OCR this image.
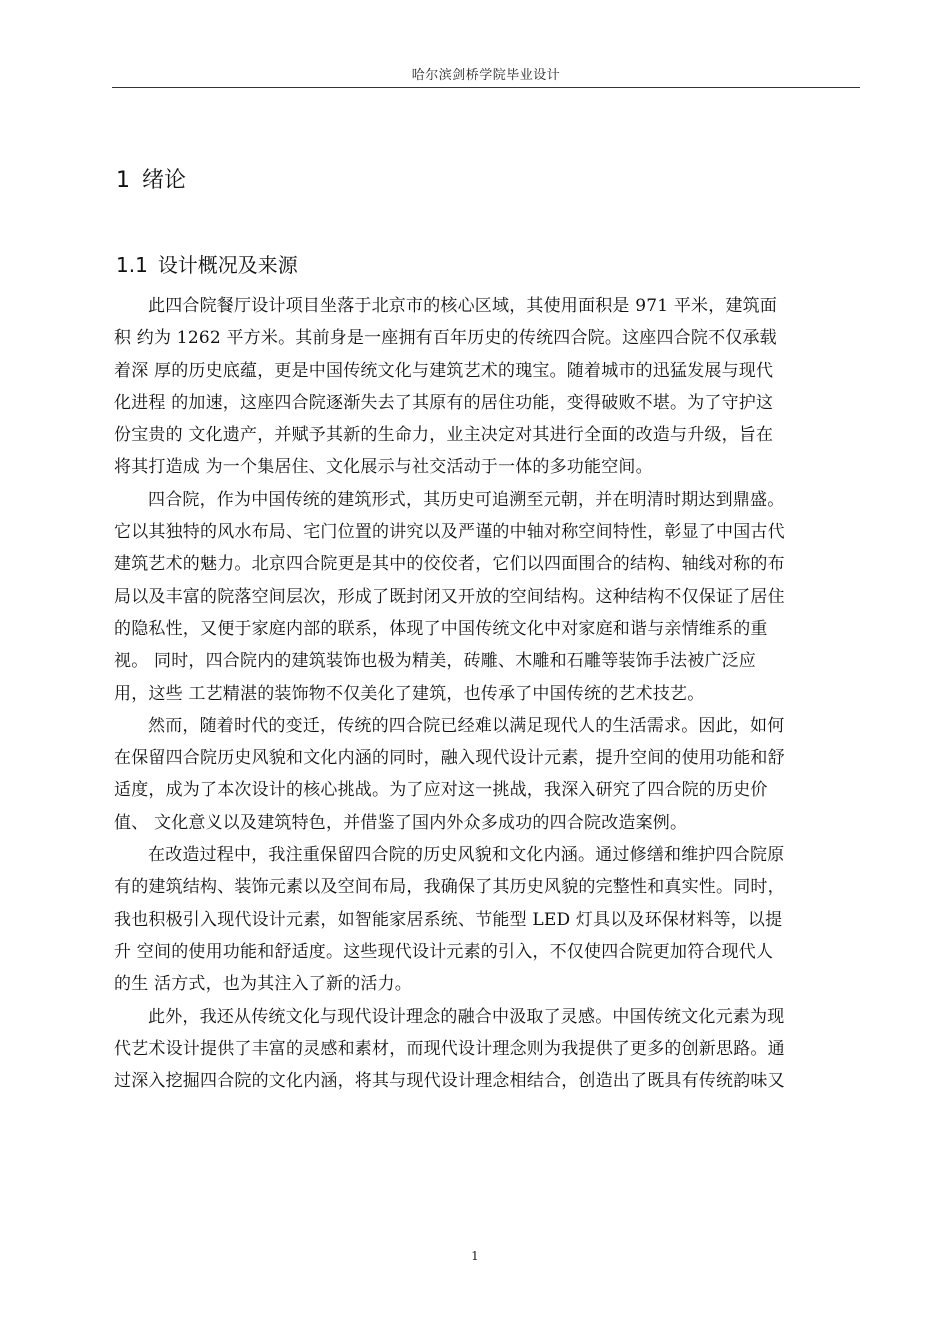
哈尔滨剑桥学院毕业设计
1 绪论
1.1 设计概况及来源

此四合院餐厅设计项目坐落于北京市的核心区域，其使用面积是 971 平米，建筑面

积 约为 1262 平方米。其前身是一座拥有百年历史的传统四合院。这座四合院不仅承载

着深 厚的历史底蕴，更是中国传统文化与建筑艺术的瑰宝。随着城市的迅猛发展与现代

化进程 的加速，这座四合院逐渐失去了其原有的居住功能，变得破败不堪。为了守护这

份宝贵的 文化遗产，并赋予其新的生命力，业主决定对其进行全面的改造与升级，旨在

将其打造成 为一个集居住、文化展示与社交活动于一体的多功能空间。

四合院，作为中国传统的建筑形式，其历史可追溯至元朝，并在明清时期达到鼎盛。

它以其独特的风水布局、宅门位置的讲究以及严谨的中轴对称空间特性，彰显了中国古代

建筑艺术的魅力。北京四合院更是其中的佼佼者，它们以四面围合的结构、轴线对称的布

局以及丰富的院落空间层次，形成了既封闭又开放的空间结构。这种结构不仅保证了居住

的隐私性，又便于家庭内部的联系，体现了中国传统文化中对家庭和谐与亲情维系的重

视。 同时，四合院内的建筑装饰也极为精美，砖雕、木雕和石雕等装饰手法被广泛应

用，这些 工艺精湛的装饰物不仅美化了建筑，也传承了中国传统的艺术技艺。

然而，随着时代的变迁，传统的四合院已经难以满足现代人的生活需求。因此，如何

在保留四合院历史风貌和文化内涵的同时，融入现代设计元素，提升空间的使用功能和舒

适度，成为了本次设计的核心挑战。为了应对这一挑战，我深入研究了四合院的历史价

值、 文化意义以及建筑特色，并借鉴了国内外众多成功的四合院改造案例。

在改造过程中，我注重保留四合院的历史风貌和文化内涵。通过修缮和维护四合院原

有的建筑结构、装饰元素以及空间布局，我确保了其历史风貌的完整性和真实性。同时，

我也积极引入现代设计元素，如智能家居系统、节能型 LED 灯具以及环保材料等，以提

升 空间的使用功能和舒适度。这些现代设计元素的引入，不仅使四合院更加符合现代人

的生 活方式，也为其注入了新的活力。

此外，我还从传统文化与现代设计理念的融合中汲取了灵感。中国传统文化元素为现

代艺术设计提供了丰富的灵感和素材，而现代设计理念则为我提供了更多的创新思路。通

过深入挖掘四合院的文化内涵，将其与现代设计理念相结合，创造出了既具有传统韵味又

1
